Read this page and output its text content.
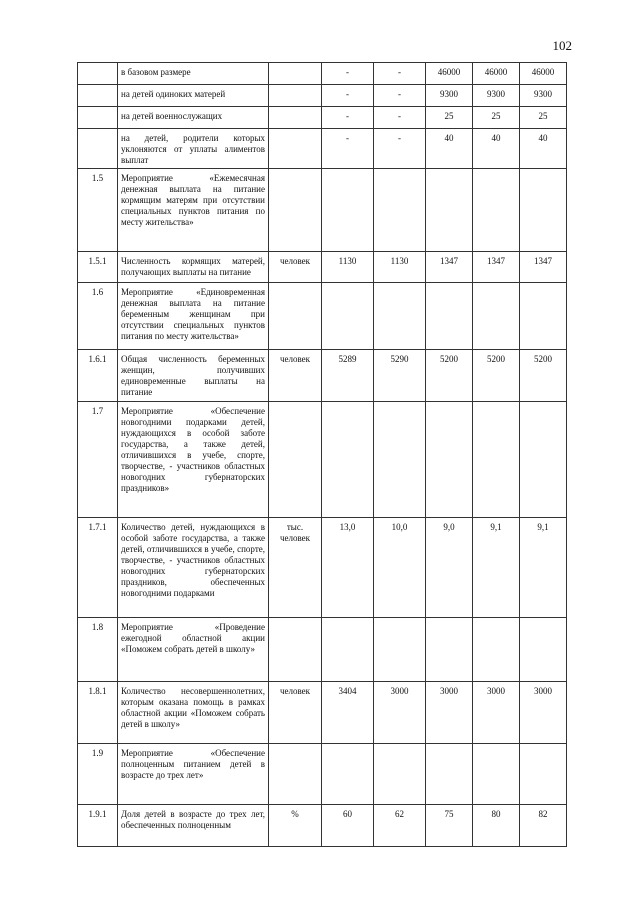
102
	в базовом размере		-	-	46000	46000	46000
	на детей одиноких матерей		-	-	9300	9300	9300
	на детей военнослужащих		-	-	25	25	25
	на детей, родители которых уклоняются от уплаты алиментов выплат		-	-	40	40	40
1.5	Мероприятие «Ежемесячная денежная выплата на питание кормящим матерям при отсутствии специальных пунктов питания по месту жительства»						
1.5.1	Численность кормящих матерей, получающих выплаты на питание	человек	1130	1130	1347	1347	1347
1.6	Мероприятие «Единовременная денежная выплата на питание беременным женщинам при отсутствии специальных пунктов питания по месту жительства»						
1.6.1	Общая численность беременных женщин, получивших единовременные выплаты на питание	человек	5289	5290	5200	5200	5200
1.7	Мероприятие «Обеспечение новогодними подарками детей, нуждающихся в особой заботе государства, а также детей, отличившихся в учебе, спорте, творчестве, - участников областных новогодних губернаторских праздников»						
1.7.1	Количество детей, нуждающихся в особой заботе государства, а также детей, отличившихся в учебе, спорте, творчестве, - участников областных новогодних губернаторских праздников, обеспеченных новогодними подарками	тыс. человек	13,0	10,0	9,0	9,1	9,1
1.8	Мероприятие «Проведение ежегодной областной акции «Поможем собрать детей в школу»						
1.8.1	Количество несовершеннолетних, которым оказана помощь в рамках областной акции «Поможем собрать детей в школу»	человек	3404	3000	3000	3000	3000
1.9	Мероприятие «Обеспечение полноценным питанием детей в возрасте до трех лет»						
1.9.1	Доля детей в возрасте до трех лет, обеспеченных полноценным	%	60	62	75	80	82
